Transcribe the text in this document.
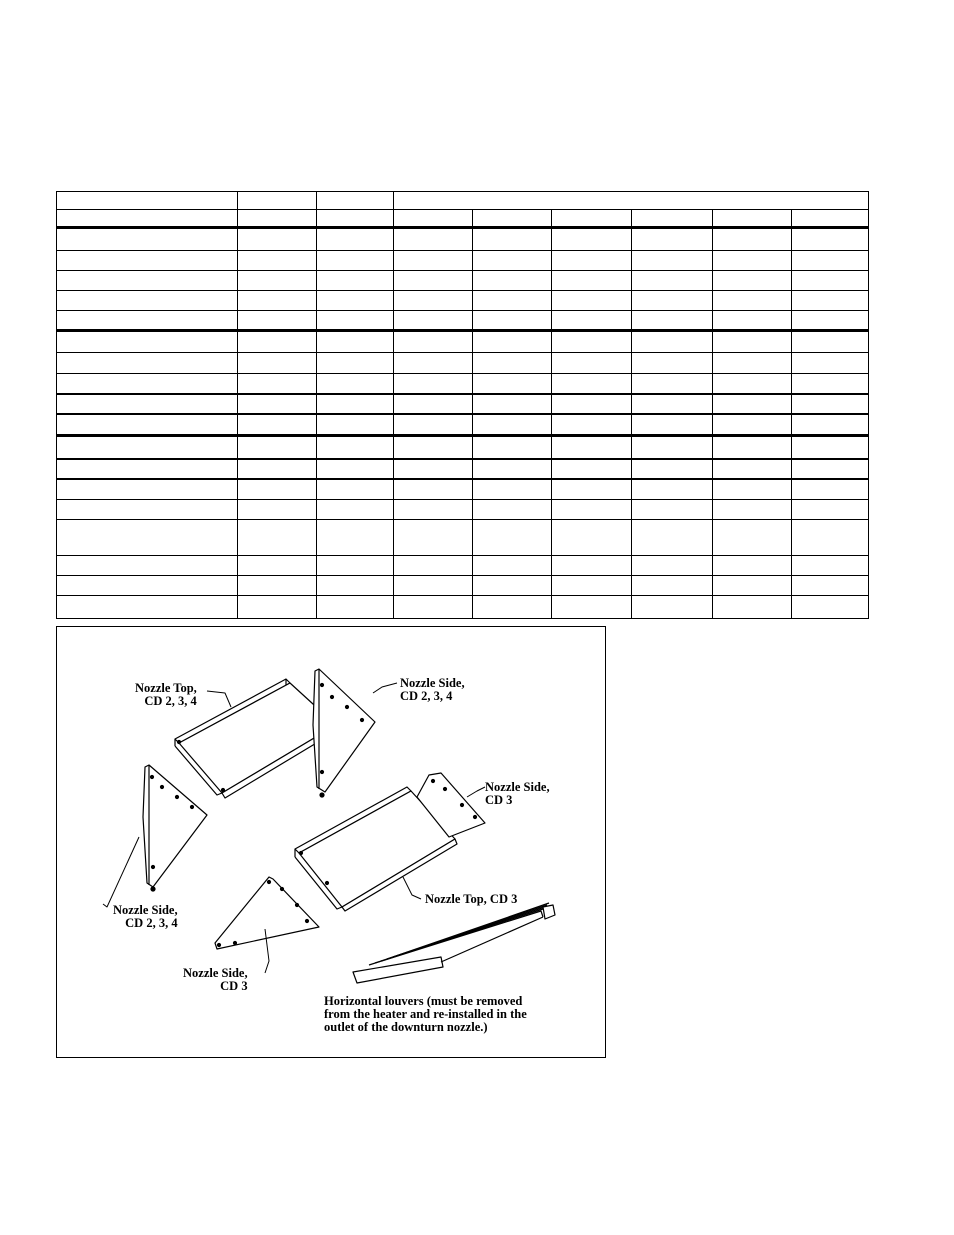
Nozzle Top,
CD 2, 3, 4
Nozzle Side,
CD 2, 3, 4
Nozzle Side,
CD 3
Nozzle Top, CD 3
Nozzle Side,
CD 2, 3, 4
Nozzle Side,
CD 3
Horizontal louvers (must be removed
from the heater and re-installed in the
outlet of the downturn nozzle.)
